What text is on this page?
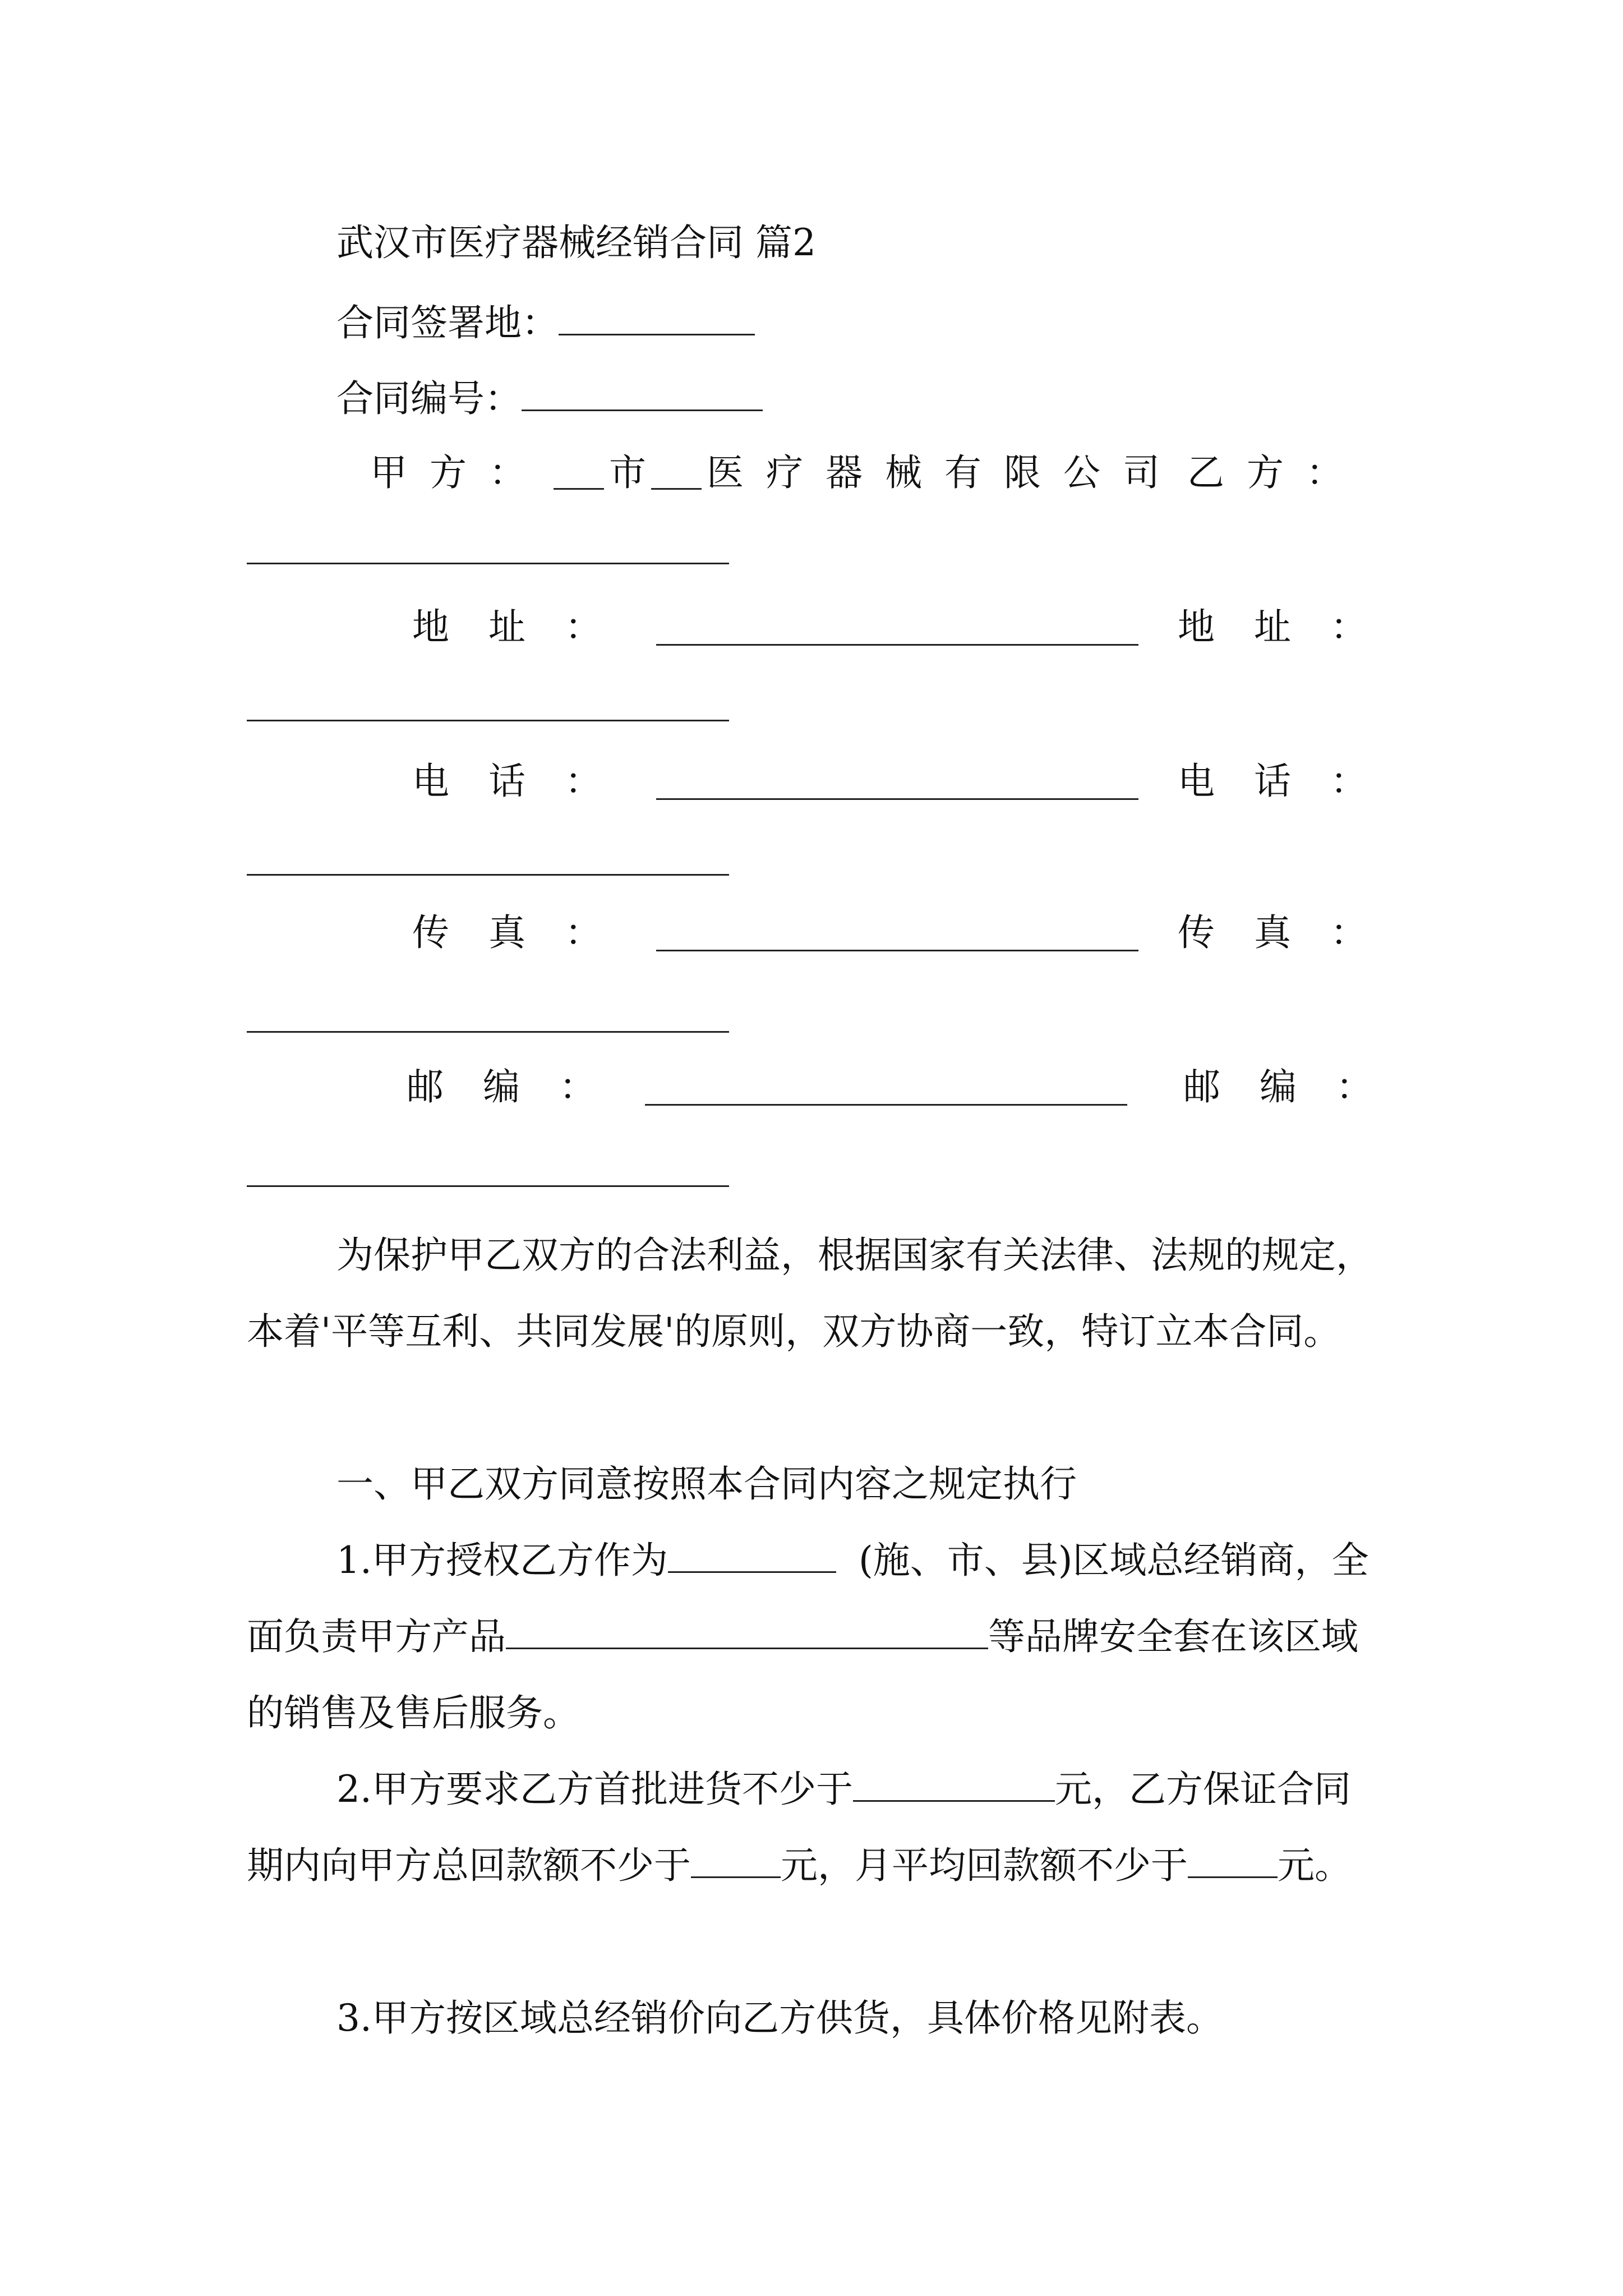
武汉市医疗器械经销合同 篇2
合同签署地：
合同编号：
甲方： 市 医疗器械有限公司 乙方：
地址：	地址：
电话：	电话：
传真：	传真：
邮编：	邮编：

为保护甲乙双方的合法利益，根据国家有关法律、法规的规定，本着'平等互利、共同发展'的原则，双方协商一致，特订立本合同。

一、甲乙双方同意按照本合同内容之规定执行

1.甲方授权乙方作为	(施、市、县)区域总经销商，全面负责甲方产品	等品牌安全套在该区域的销售及售后服务。

2.甲方要求乙方首批进货不少于	元，乙方保证合同期内向甲方总回款额不少于 元，月平均回款额不少于 元。

3.甲方按区域总经销价向乙方供货，具体价格见附表。
